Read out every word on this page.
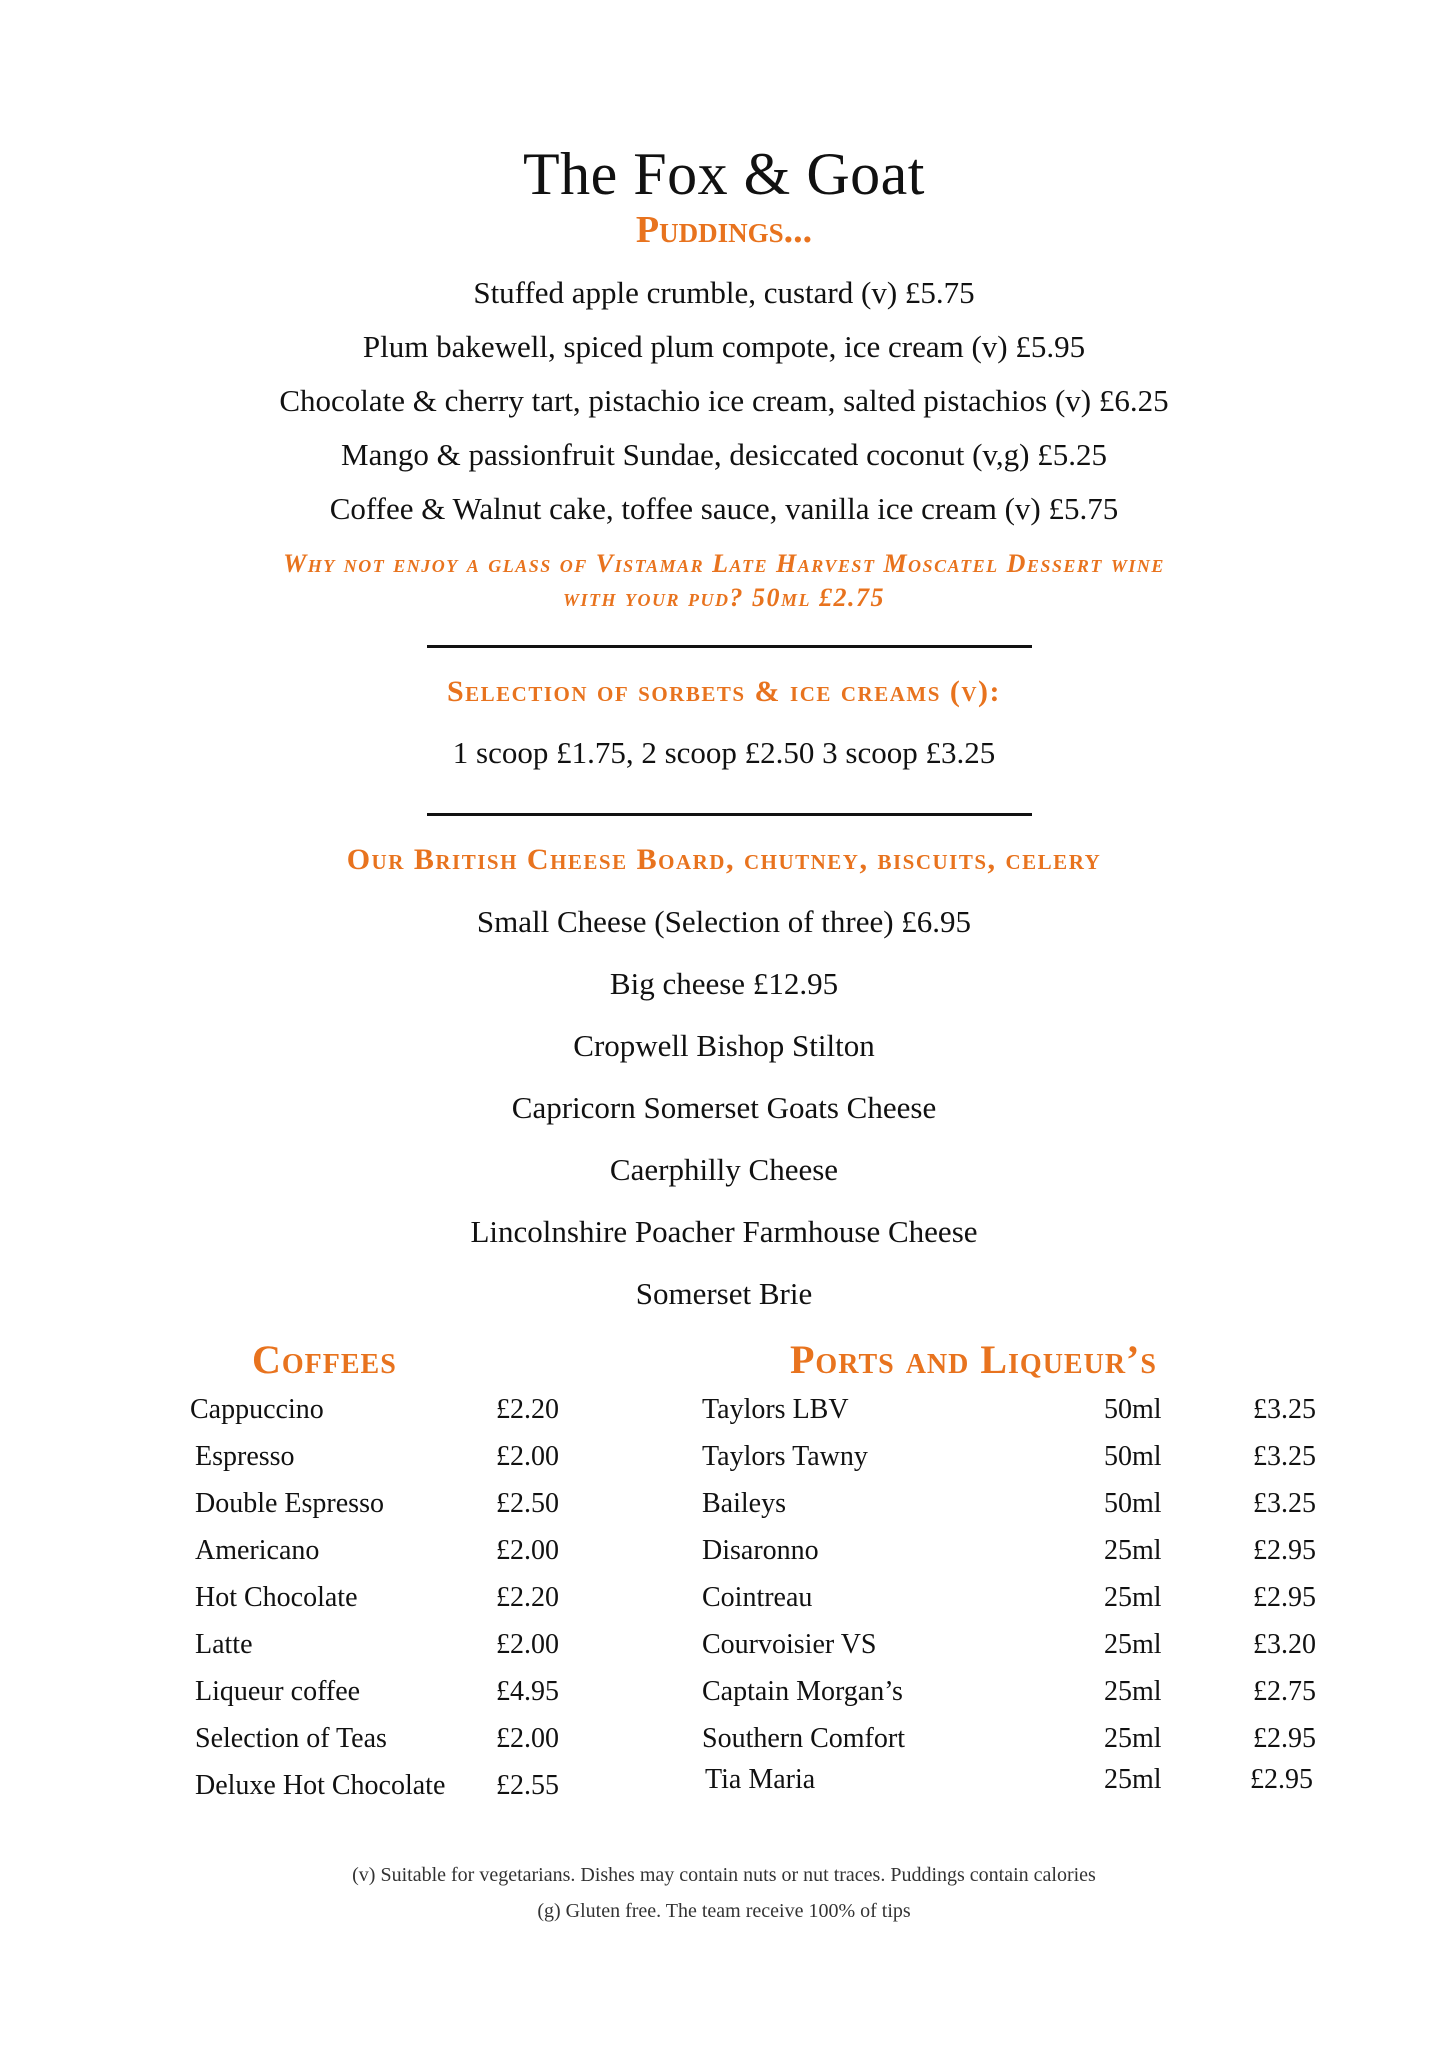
The Fox & Goat
Puddings...
Stuffed apple crumble, custard (v) £5.75
Plum bakewell, spiced plum compote, ice cream (v) £5.95
Chocolate & cherry tart, pistachio ice cream, salted pistachios (v) £6.25
Mango & passionfruit Sundae, desiccated coconut (v,g) £5.25
Coffee & Walnut cake, toffee sauce, vanilla ice cream (v) £5.75
Why not enjoy a glass of Vistamar Late Harvest Moscatel Dessert wine
with your pud? 50ml £2.75
Selection of sorbets & ice creams (v):
1 scoop £1.75, 2 scoop £2.50 3 scoop £3.25
Our British Cheese Board, chutney, biscuits, celery
Small Cheese (Selection of three) £6.95
Big cheese £12.95
Cropwell Bishop Stilton
Capricorn Somerset Goats Cheese
Caerphilly Cheese
Lincolnshire Poacher Farmhouse Cheese
Somerset Brie
Coffees	Ports and Liqueur’s
Cappuccino	£2.20
Espresso	£2.00
Double Espresso	£2.50
Americano	£2.00
Hot Chocolate	£2.20
Latte	£2.00
Liqueur coffee	£4.95
Selection of Teas	£2.00
Deluxe Hot Chocolate £2.55
Taylors LBV	50ml	£3.25
Taylors Tawny	50ml	£3.25
Baileys	50ml	£3.25
Disaronno	25ml	£2.95
Cointreau	25ml	£2.95
Courvoisier VS	25ml	£3.20
Captain Morgan’s	25ml	£2.75
Southern Comfort	25ml	£2.95
Tia Maria	25ml	£2.95
(v) Suitable for vegetarians. Dishes may contain nuts or nut traces. Puddings contain calories
(g) Gluten free. The team receive 100% of tips
